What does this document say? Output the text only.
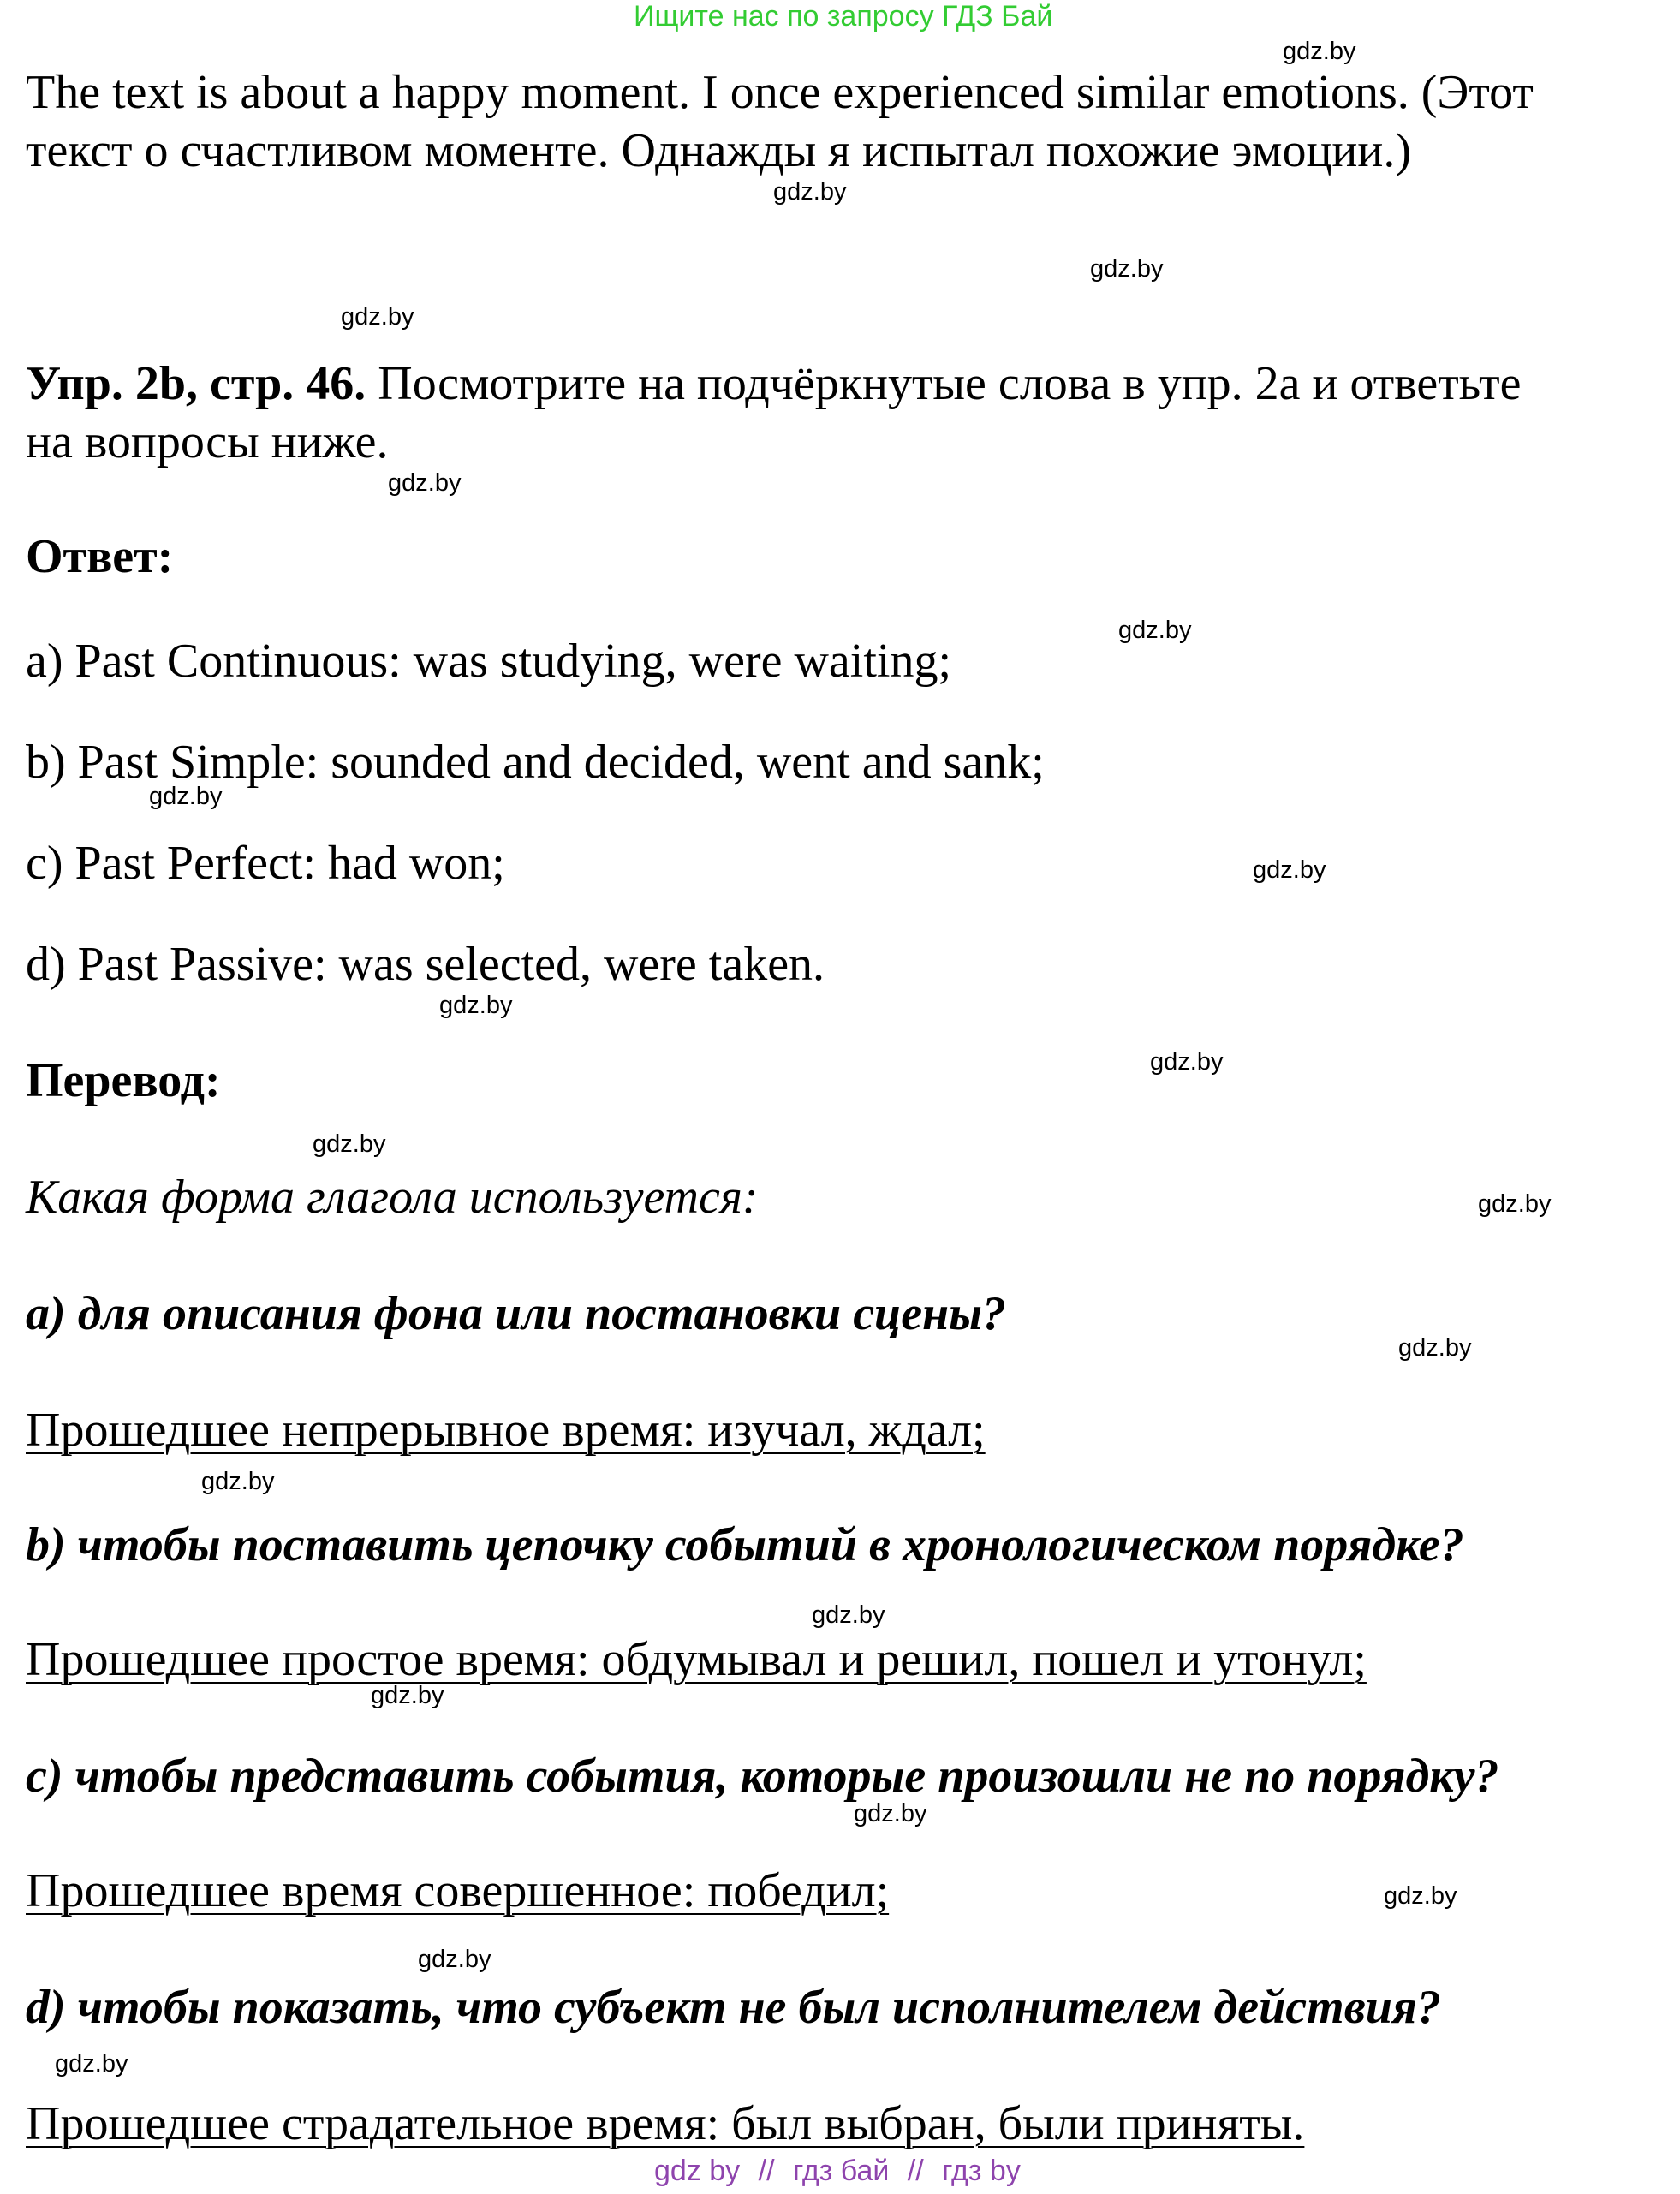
Ищите нас по запросу ГДЗ Бай
The text is about a happy moment. I once experienced similar emotions. (Этот
текст о счастливом моменте. Однажды я испытал похожие эмоции.)
Упр. 2b, стр. 46. Посмотрите на подчёркнутые слова в упр. 2a и ответьте
на вопросы ниже.
Ответ:
a) Past Continuous: was studying, were waiting;
b) Past Simple: sounded and decided, went and sank;
c) Past Perfect: had won;
d) Past Passive: was selected, were taken.
Перевод:
Какая форма глагола используется:
a) для описания фона или постановки сцены?
Прошедшее непрерывное время: изучал, ждал;
b) чтобы поставить цепочку событий в хронологическом порядке?
Прошедшее простое время: обдумывал и решил, пошел и утонул;
c) чтобы представить события, которые произошли не по порядку?
Прошедшее время совершенное: победил;
d) чтобы показать, что субъект не был исполнителем действия?
Прошедшее страдательное время: был выбран, были приняты.
gdz.by
gdz.by
gdz.by
gdz.by
gdz.by
gdz.by
gdz.by
gdz.by
gdz.by
gdz.by
gdz.by
gdz.by
gdz.by
gdz.by
gdz.by
gdz.by
gdz.by
gdz.by
gdz.by
gdz.by
gdz by // гдз бай // гдз by
